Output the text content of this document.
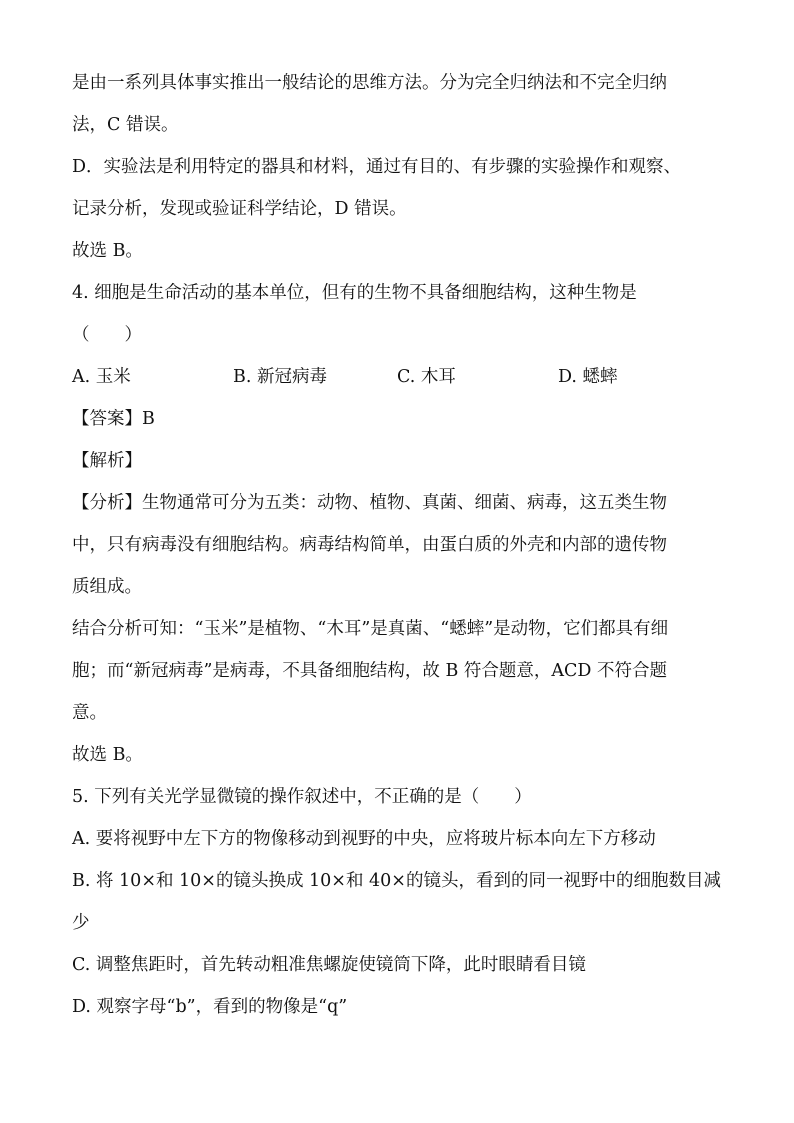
是由一系列具体事实推出一般结论的思维方法。分为完全归纳法和不完全归纳
法，C 错误。
D．实验法是利用特定的器具和材料，通过有目的、有步骤的实验操作和观察、
记录分析，发现或验证科学结论，D 错误。
故选 B。
4. 细胞是生命活动的基本单位，但有的生物不具备细胞结构，这种生物是
（　　）
A. 玉米	B. 新冠病毒	C. 木耳	D. 蟋蟀
【答案】B
【解析】
【分析】生物通常可分为五类：动物、植物、真菌、细菌、病毒，这五类生物
中，只有病毒没有细胞结构。病毒结构简单，由蛋白质的外壳和内部的遗传物
质组成。
结合分析可知：“玉米”是植物、“木耳”是真菌、“蟋蟀”是动物，它们都具有细
胞；而“新冠病毒”是病毒，不具备细胞结构，故 B 符合题意，ACD 不符合题
意。
故选 B。
5. 下列有关光学显微镜的操作叙述中，不正确的是（　　）
A. 要将视野中左下方的物像移动到视野的中央，应将玻片标本向左下方移动
B. 将 10×和 10×的镜头换成 10×和 40×的镜头，看到的同一视野中的细胞数目减
少
C. 调整焦距时，首先转动粗准焦螺旋使镜筒下降，此时眼睛看目镜
D. 观察字母“b”，看到的物像是“q”
